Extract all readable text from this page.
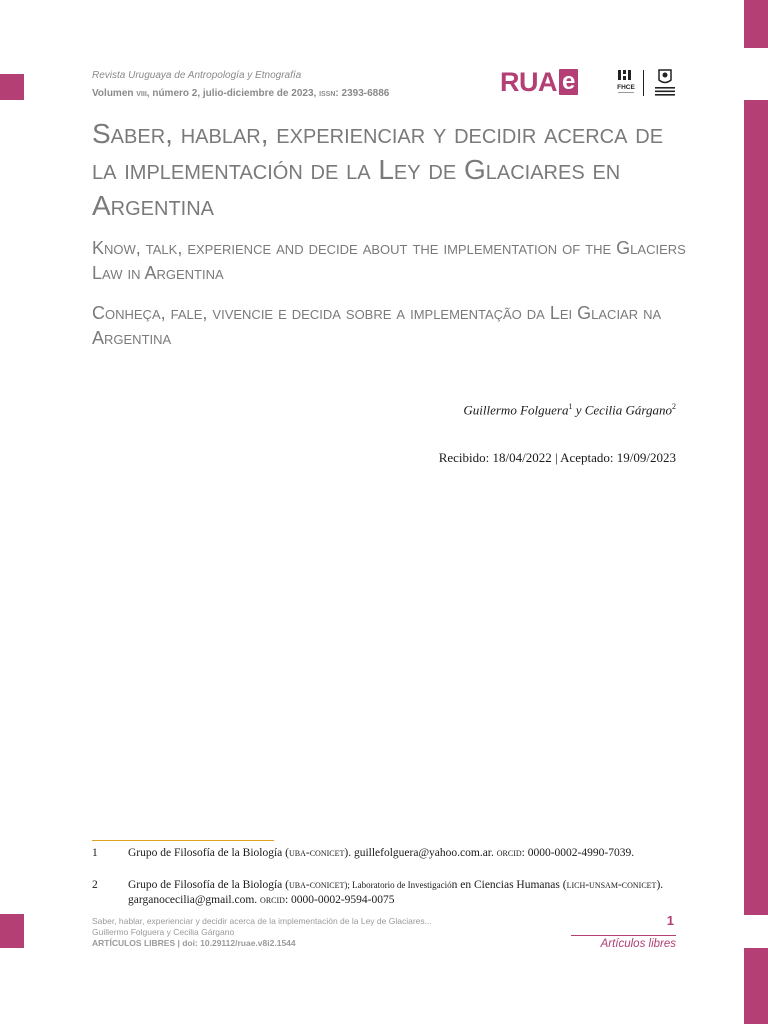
Revista Uruguaya de Antropología y Etnografía
Volumen viii, número 2, julio-diciembre de 2023, issn: 2393-6886	RUA e	FHCE
Saber, hablar, experienciar y decidir acerca de la implementación de la Ley de Glaciares en Argentina
Know, talk, experience and decide about the implementation of the Glaciers Law in Argentina
Conheça, fale, vivencie e decida sobre a implementação da Lei Glaciar na Argentina
Guillermo Folguera$^1$ y Cecilia Gárgano$^2$
Recibido: 18/04/2022 | Aceptado: 19/09/2023
1	Grupo de Filosofía de la Biología (uba-conicet). guillefolguera@yahoo.com.ar. orcid: 0000-0002-4990-7039.
2	Grupo de Filosofía de la Biología (uba-conicet); Laboratorio de Investigación en Ciencias Humanas (lich-unsam-conicet). garganocecilia@gmail.com. orcid: 0000-0002-9594-0075
Saber, hablar, experienciar y decidir acerca de la implementación de la Ley de Glaciares...
Guillermo Folguera y Cecilia Gárgano
ARTÍCULOS LIBRES | doi: 10.29112/ruae.v8i2.1544
1
Artículos libres
